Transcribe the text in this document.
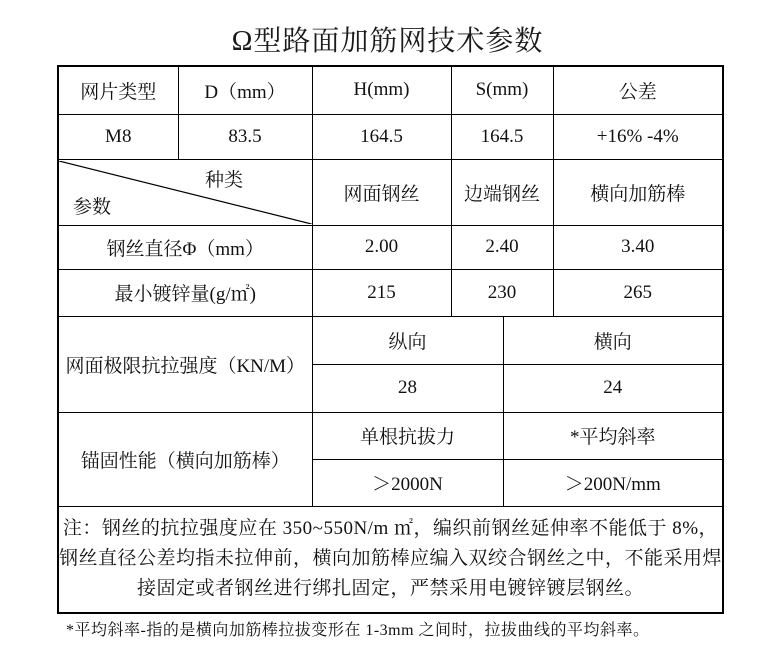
Ω型路面加筋网技术参数
网片类型	D（mm）	H(mm)	S(mm)		公差
M8	83.5	164.5	164.5		+16% -4%

种类
参数		网面钢丝	边端钢丝		横向加筋棒
钢丝直径Φ（mm）		2.00	2.40		3.40
最小镀锌量(g/㎡)		215	230		265
网面极限抗拉强度（KN/M）		纵向		横向	
		28		24	
锚固性能（横向加筋棒）		单根抗拔力		*平均斜率	
		＞2000N		＞200N/mm	
注：钢丝的抗拉强度应在 350~550N/m ㎡，编织前钢丝延伸率不能低于 8%，钢丝直径公差均指未拉伸前，横向加筋棒应编入双绞合钢丝之中，不能采用焊接固定或者钢丝进行绑扎固定，严禁采用电镀锌镀层钢丝。					
*平均斜率-指的是横向加筋棒拉拔变形在 1-3mm 之间时，拉拔曲线的平均斜率。
